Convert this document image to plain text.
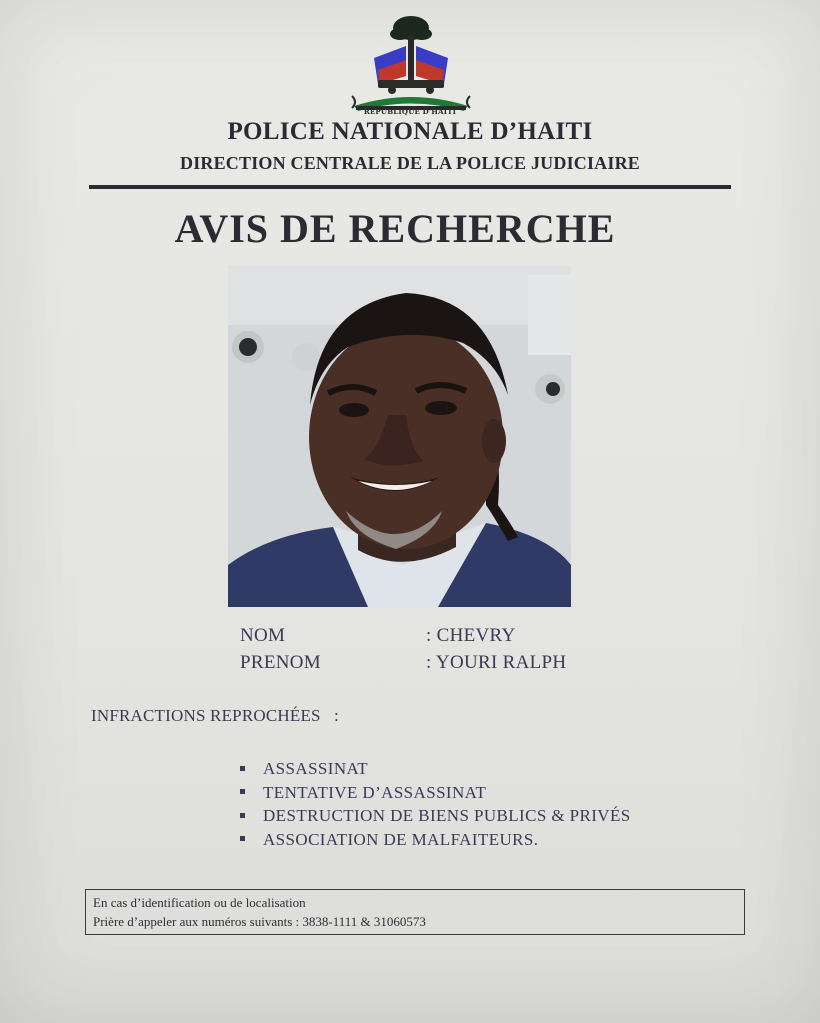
REPUBLIQUE D'HAITI
POLICE NATIONALE D’HAITI
DIRECTION CENTRALE DE LA POLICE JUDICIAIRE
AVIS DE RECHERCHE
NOM	: CHEVRY
PRENOM	: YOURI RALPH
INFRACTIONS REPROCHÉES   :
ASSASSINAT
TENTATIVE D’ASSASSINAT
DESTRUCTION DE BIENS PUBLICS & PRIVÉS
ASSOCIATION DE MALFAITEURS.
En cas d’identification ou de localisation
Prière d’appeler aux numéros suivants : 3838-1111 & 31060573
